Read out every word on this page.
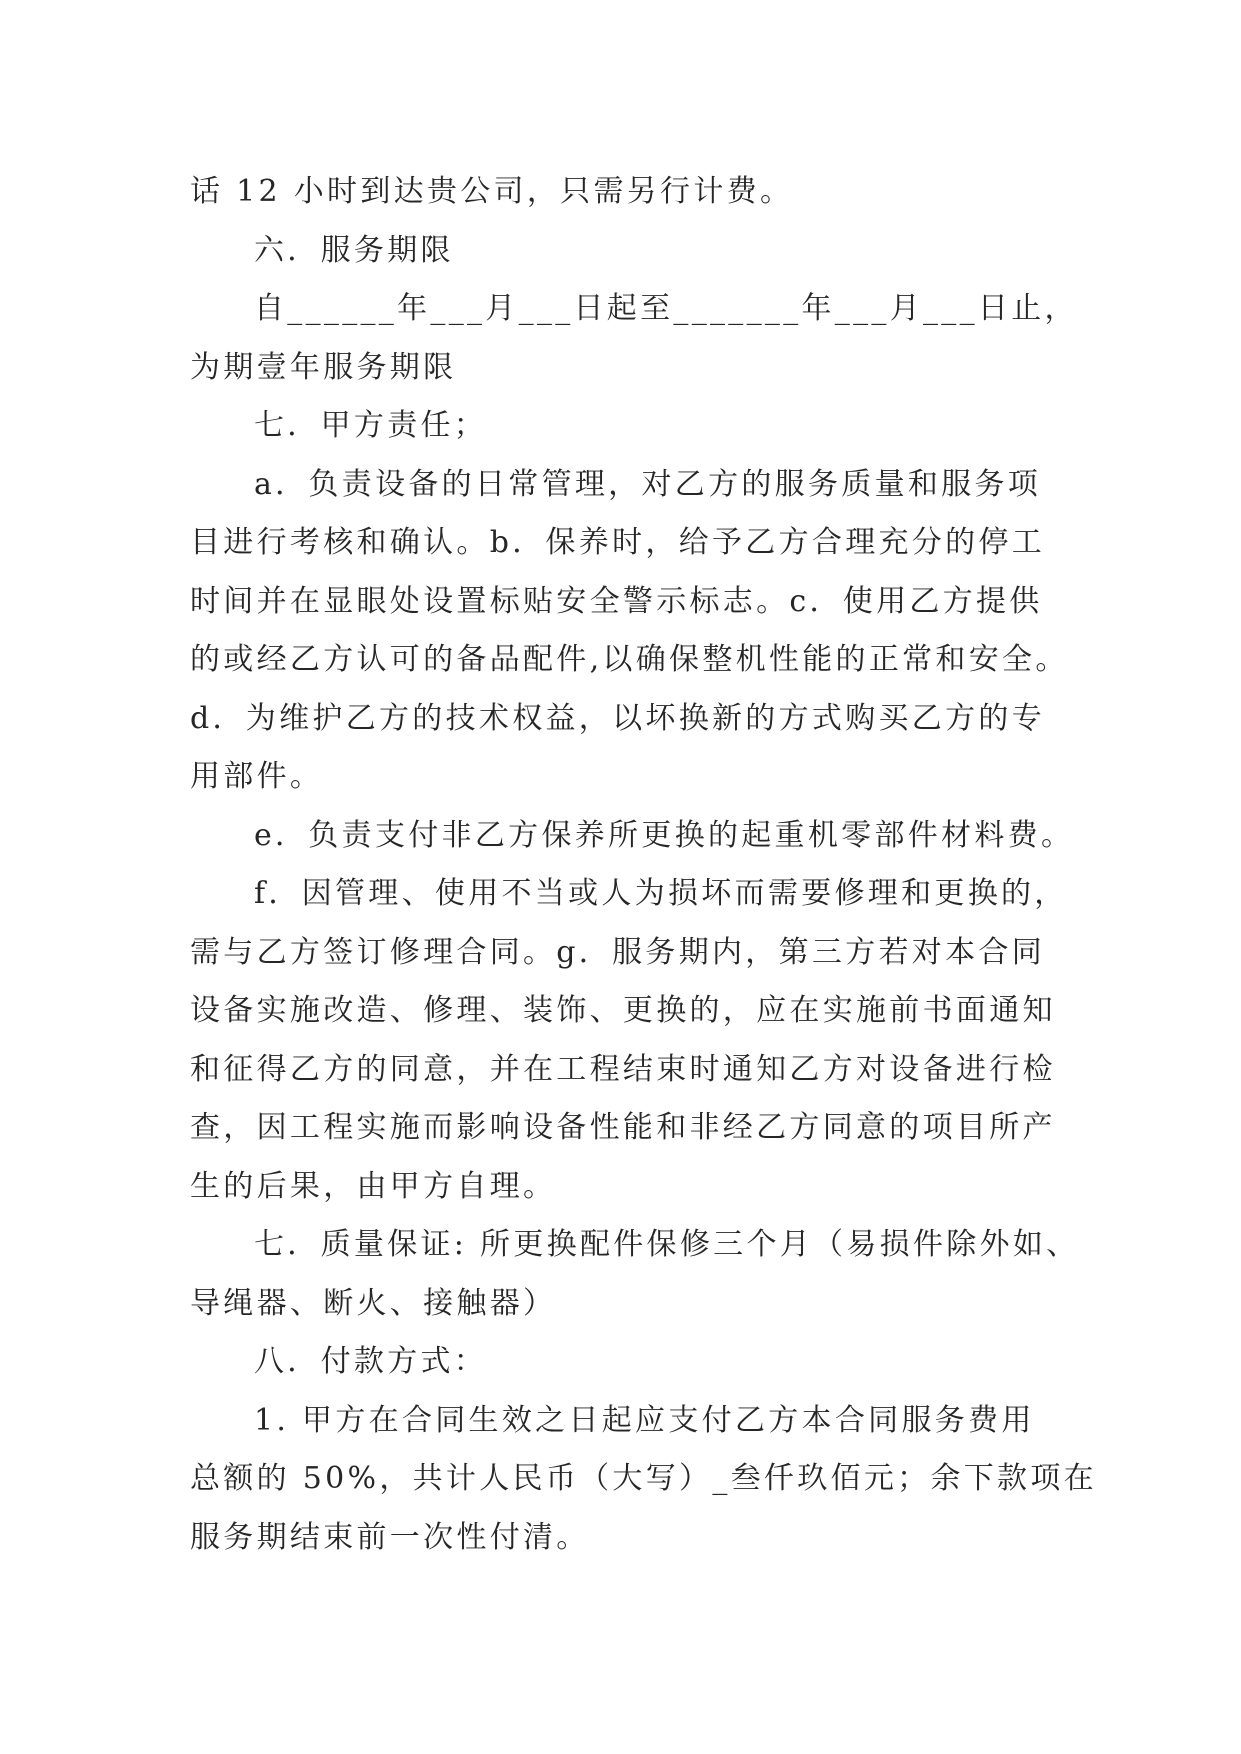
话 12 小时到达贵公司，只需另行计费。
六．服务期限
自______年___月___日起至_______年___月___日止，
为期壹年服务期限
七．甲方责任；
a．负责设备的日常管理，对乙方的服务质量和服务项
目进行考核和确认。b．保养时，给予乙方合理充分的停工
时间并在显眼处设置标贴安全警示标志。c．使用乙方提供
的或经乙方认可的备品配件,以确保整机性能的正常和安全。
d．为维护乙方的技术权益，以坏换新的方式购买乙方的专
用部件。
e．负责支付非乙方保养所更换的起重机零部件材料费。
f．因管理、使用不当或人为损坏而需要修理和更换的，
需与乙方签订修理合同。g．服务期内，第三方若对本合同
设备实施改造、修理、装饰、更换的，应在实施前书面通知
和征得乙方的同意，并在工程结束时通知乙方对设备进行检
查，因工程实施而影响设备性能和非经乙方同意的项目所产
生的后果，由甲方自理。
七．质量保证: 所更换配件保修三个月（易损件除外如、
导绳器、断火、接触器）
八．付款方式：
1. 甲方在合同生效之日起应支付乙方本合同服务费用
总额的 50%，共计人民币（大写）_叁仟玖佰元；余下款项在
服务期结束前一次性付清。
